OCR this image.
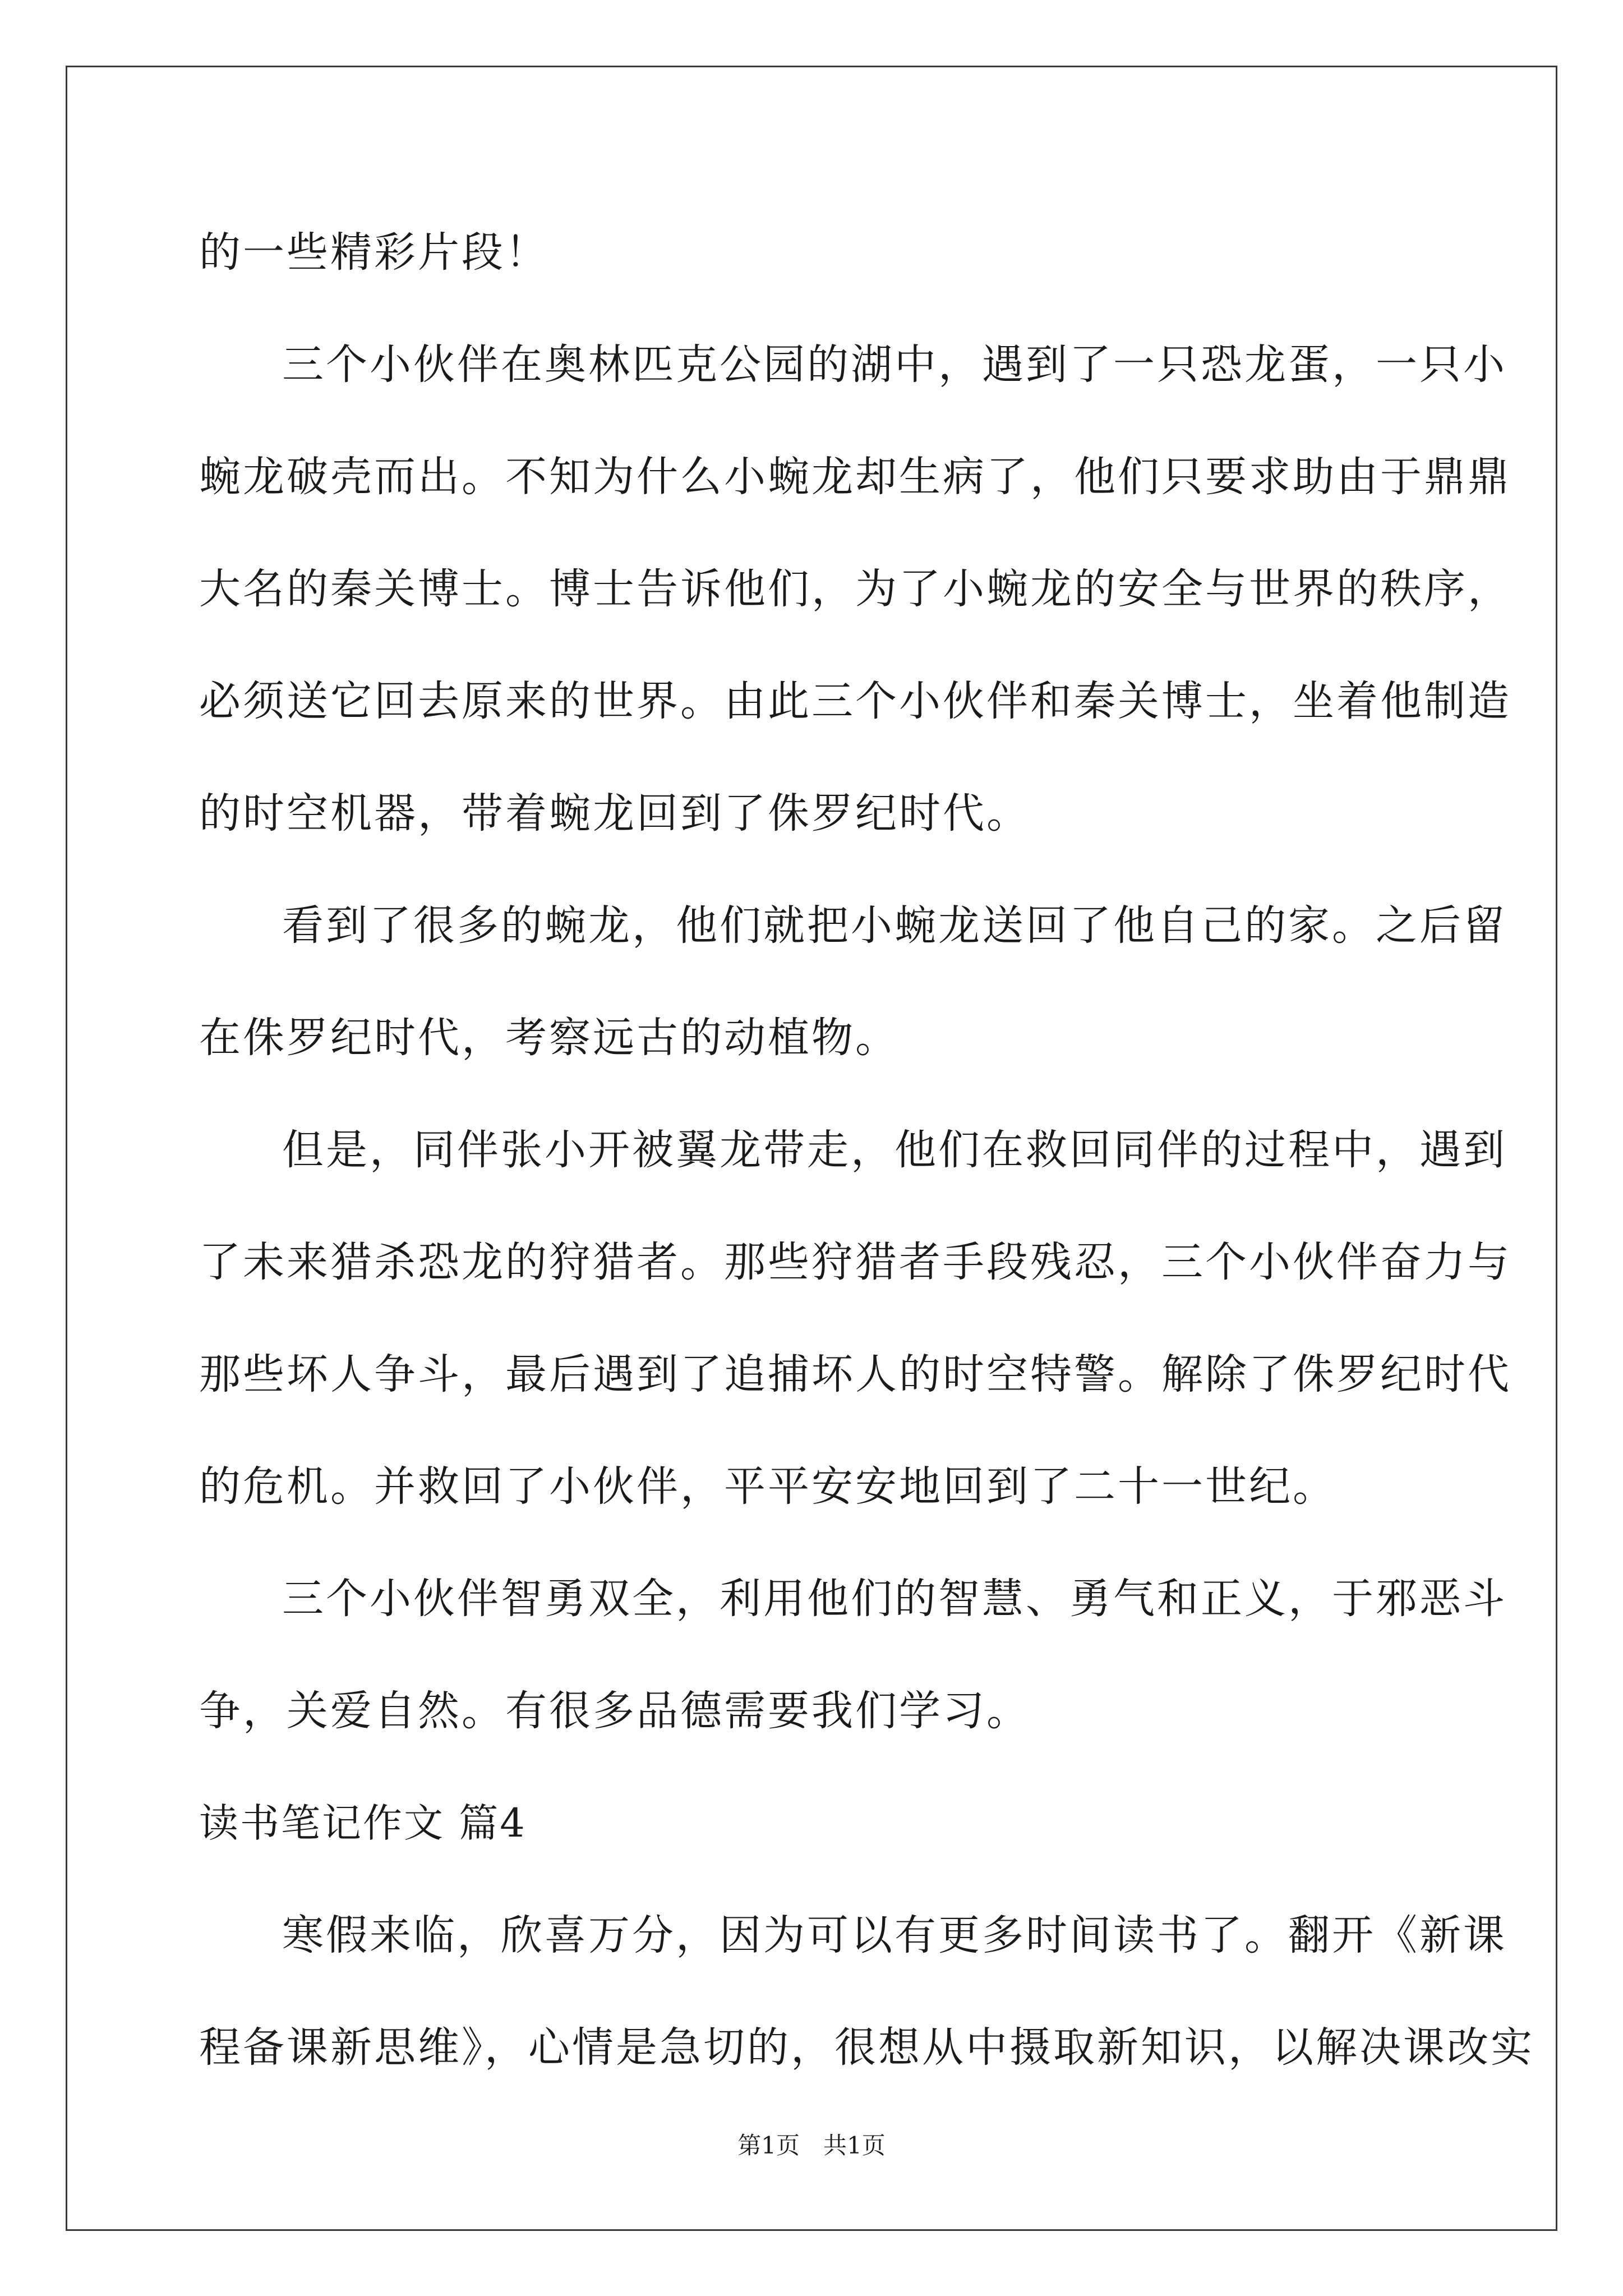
的一些精彩片段！
三个小伙伴在奥林匹克公园的湖中，遇到了一只恐龙蛋，一只小
蜿龙破壳而出。不知为什么小蜿龙却生病了，他们只要求助由于鼎鼎
大名的秦关博士。博士告诉他们，为了小蜿龙的安全与世界的秩序，
必须送它回去原来的世界。由此三个小伙伴和秦关博士，坐着他制造
的时空机器，带着蜿龙回到了侏罗纪时代。
看到了很多的蜿龙，他们就把小蜿龙送回了他自己的家。之后留
在侏罗纪时代，考察远古的动植物。
但是，同伴张小开被翼龙带走，他们在救回同伴的过程中，遇到
了未来猎杀恐龙的狩猎者。那些狩猎者手段残忍，三个小伙伴奋力与
那些坏人争斗，最后遇到了追捕坏人的时空特警。解除了侏罗纪时代
的危机。并救回了小伙伴，平平安安地回到了二十一世纪。
三个小伙伴智勇双全，利用他们的智慧、勇气和正义，于邪恶斗
争，关爱自然。有很多品德需要我们学习。
读书笔记作文 篇4
寒假来临，欣喜万分，因为可以有更多时间读书了。翻开《新课
程备课新思维》，心情是急切的，很想从中摄取新知识，以解决课改实
第1页　共1页
